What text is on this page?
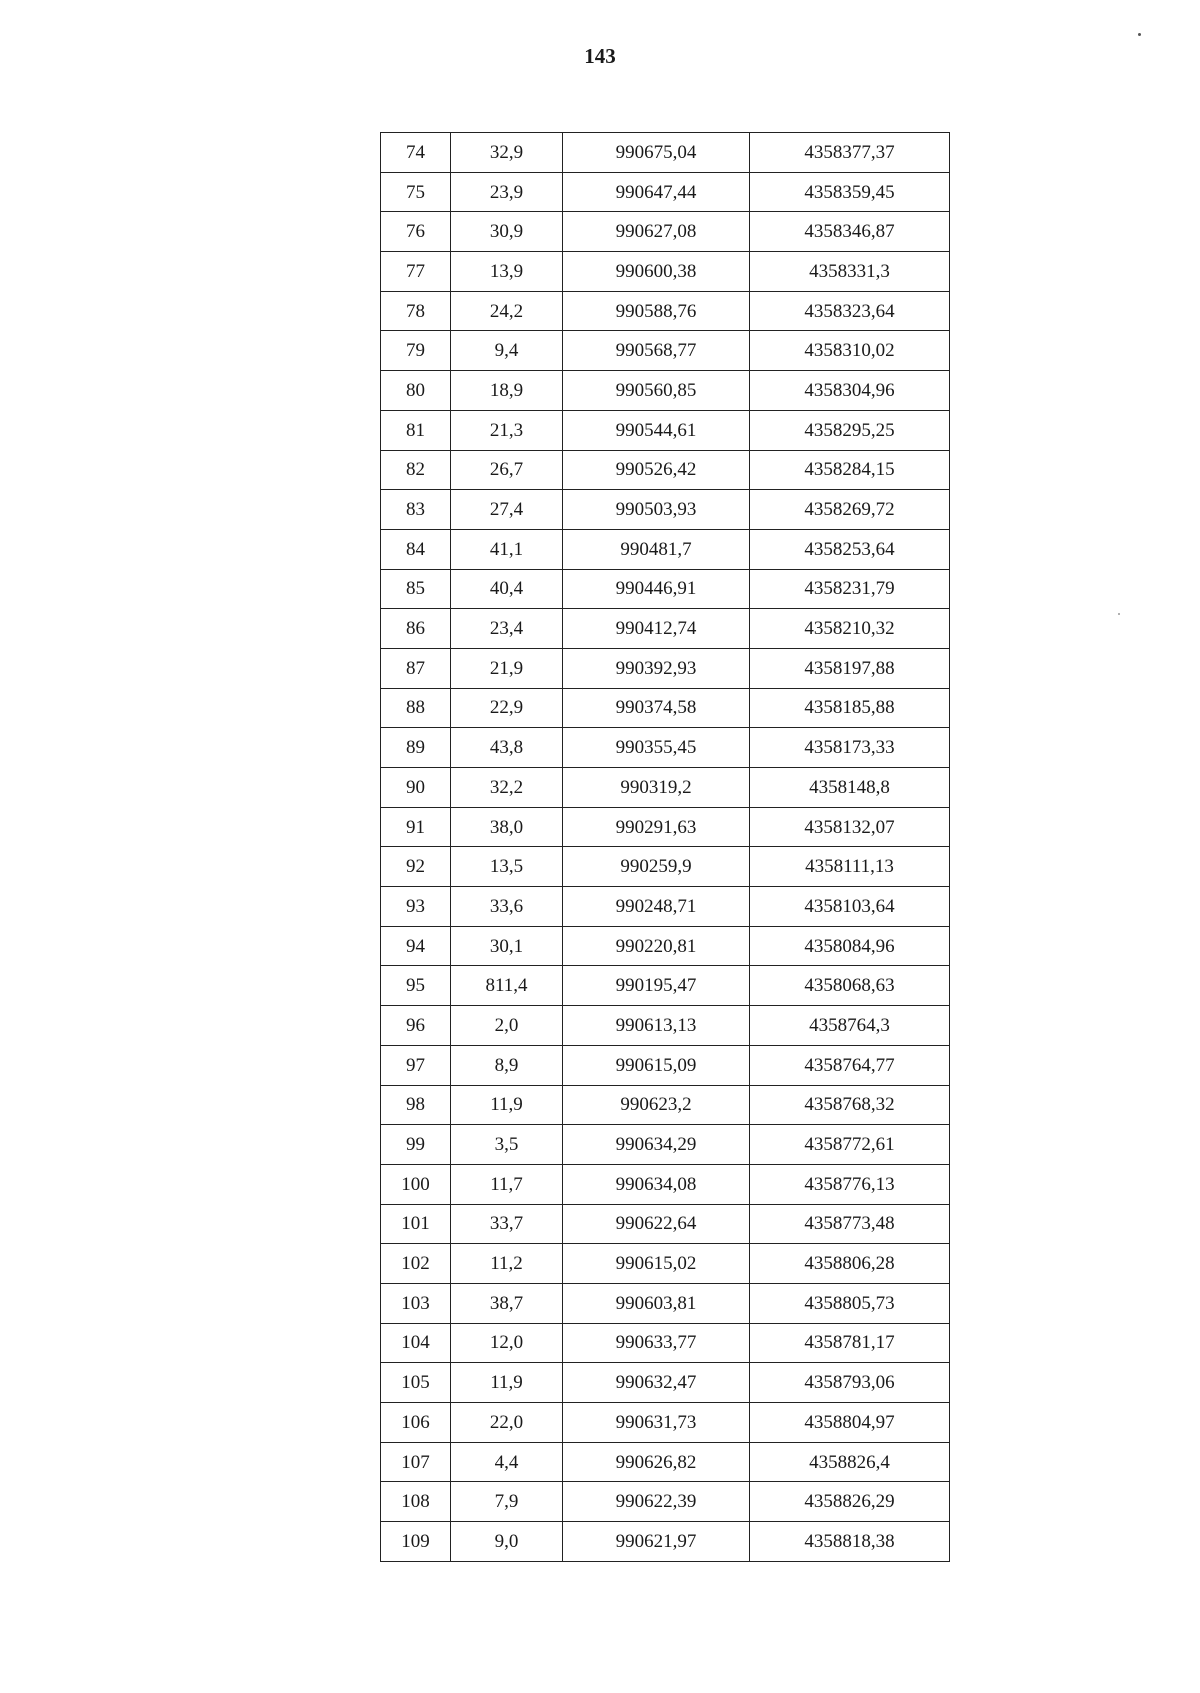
143
74	32,9	990675,04	4358377,37
75	23,9	990647,44	4358359,45
76	30,9	990627,08	4358346,87
77	13,9	990600,38	4358331,3
78	24,2	990588,76	4358323,64
79	9,4	990568,77	4358310,02
80	18,9	990560,85	4358304,96
81	21,3	990544,61	4358295,25
82	26,7	990526,42	4358284,15
83	27,4	990503,93	4358269,72
84	41,1	990481,7	4358253,64
85	40,4	990446,91	4358231,79
86	23,4	990412,74	4358210,32
87	21,9	990392,93	4358197,88
88	22,9	990374,58	4358185,88
89	43,8	990355,45	4358173,33
90	32,2	990319,2	4358148,8
91	38,0	990291,63	4358132,07
92	13,5	990259,9	4358111,13
93	33,6	990248,71	4358103,64
94	30,1	990220,81	4358084,96
95	811,4	990195,47	4358068,63
96	2,0	990613,13	4358764,3
97	8,9	990615,09	4358764,77
98	11,9	990623,2	4358768,32
99	3,5	990634,29	4358772,61
100	11,7	990634,08	4358776,13
101	33,7	990622,64	4358773,48
102	11,2	990615,02	4358806,28
103	38,7	990603,81	4358805,73
104	12,0	990633,77	4358781,17
105	11,9	990632,47	4358793,06
106	22,0	990631,73	4358804,97
107	4,4	990626,82	4358826,4
108	7,9	990622,39	4358826,29
109	9,0	990621,97	4358818,38
